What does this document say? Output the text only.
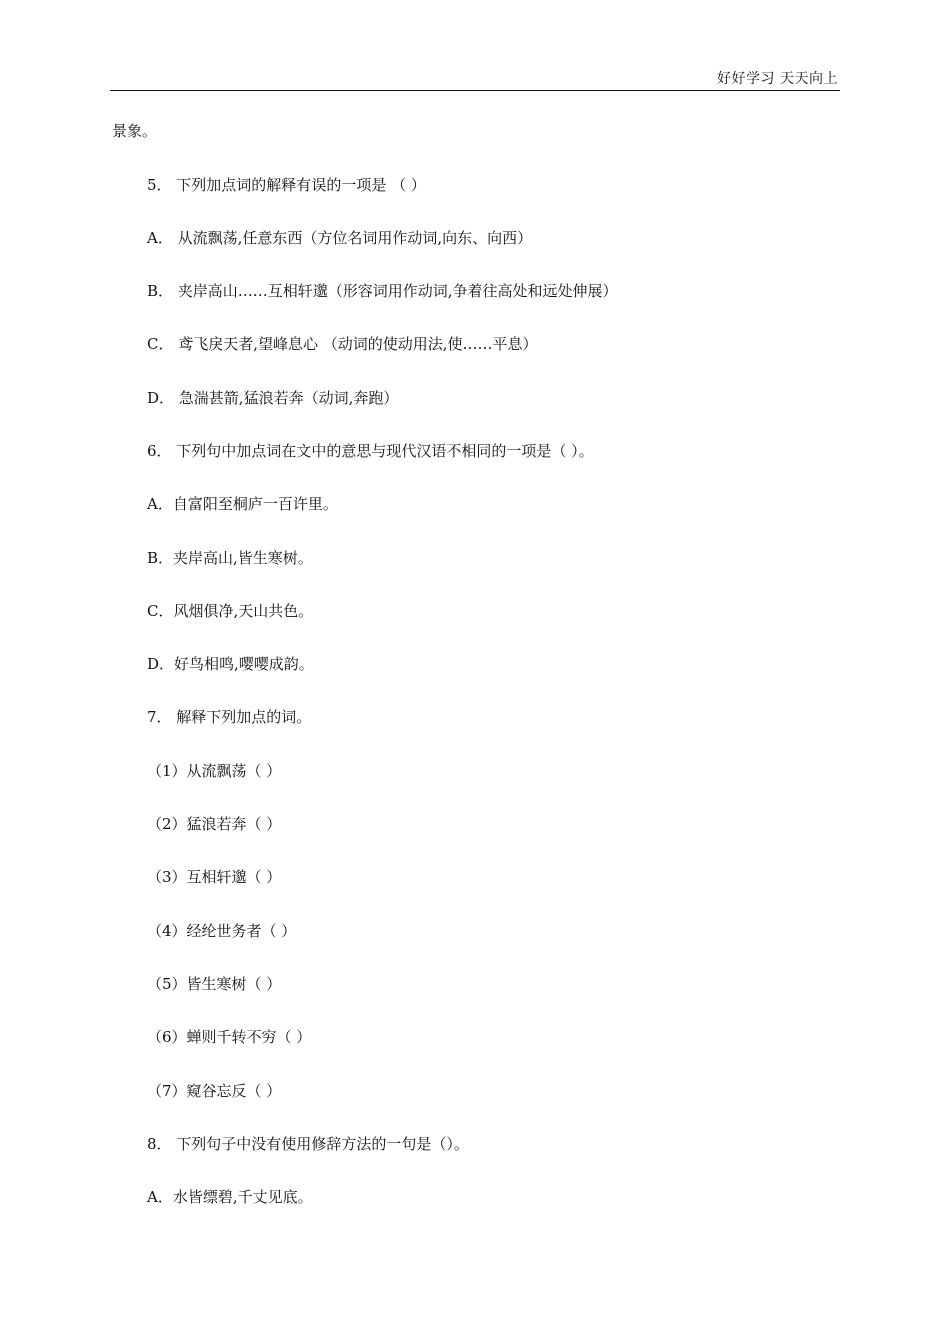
好好学习 天天向上
景象。
5． 下列加点词的解释有误的一项是 （ ）
A． 从流飘荡,任意东西（方位名词用作动词,向东、向西）
B． 夹岸高山……互相轩邈（形容词用作动词,争着往高处和远处伸展）
C． 鸢飞戾天者,望峰息心 （动词的使动用法,使……平息）
D． 急湍甚箭,猛浪若奔（动词,奔跑）
6． 下列句中加点词在文中的意思与现代汉语不相同的一项是（ ）。
A．自富阳至桐庐一百许里。
B．夹岸高山,皆生寒树。
C．风烟俱净,天山共色。
D．好鸟相鸣,嘤嘤成韵。
7． 解释下列加点的词。
（1）从流飘荡（ ）
（2）猛浪若奔（ ）
（3）互相轩邈（ ）
（4）经纶世务者（ ）
（5）皆生寒树（ ）
（6）蝉则千转不穷（ ）
（7）窥谷忘反（ ）
8． 下列句子中没有使用修辞方法的一句是（）。
A．水皆缥碧,千丈见底。
